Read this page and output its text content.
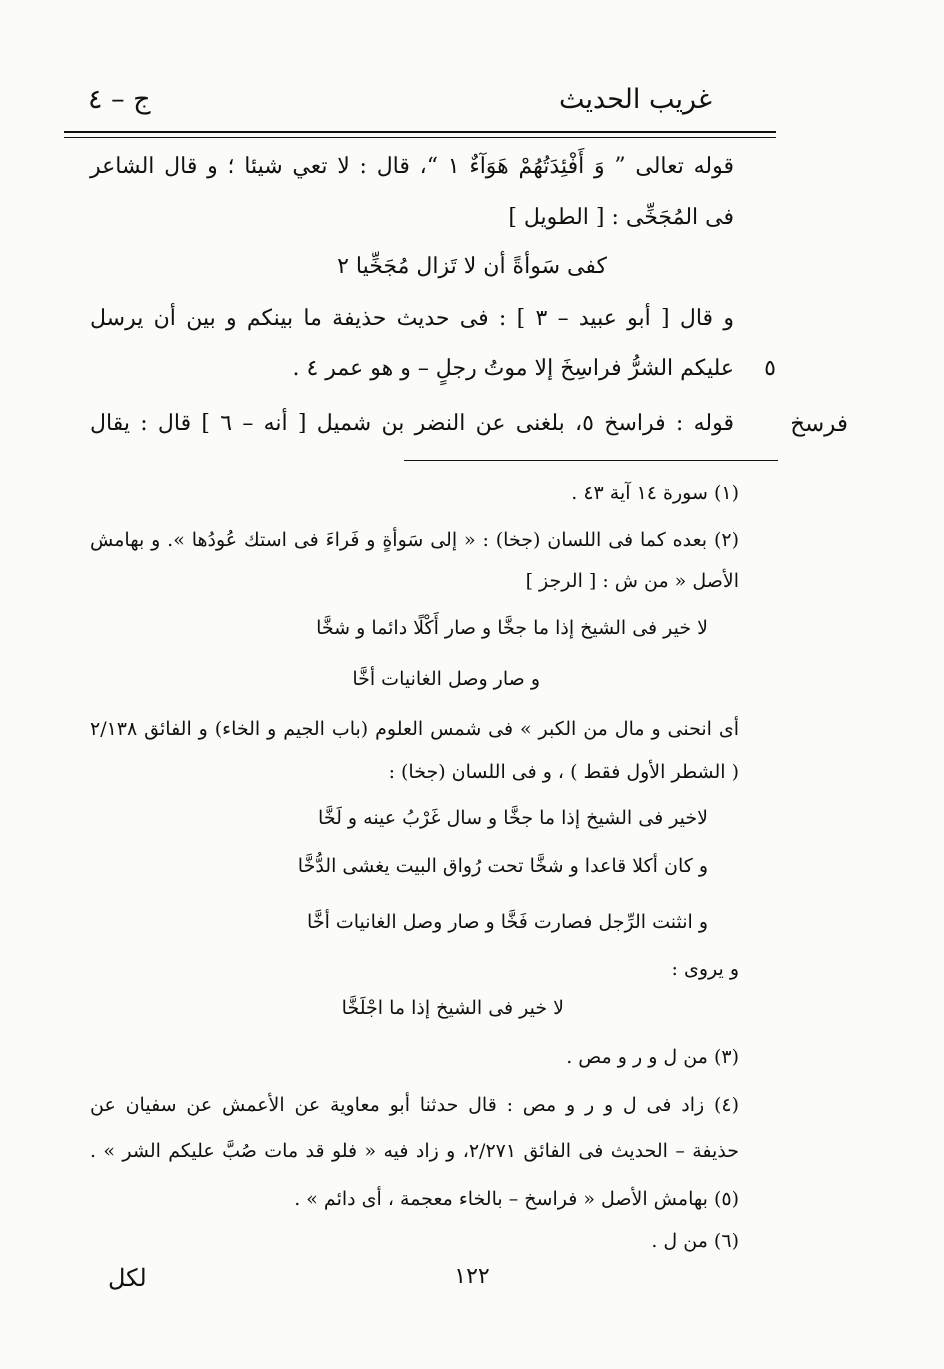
غريب الحديث
ج – ٤
قوله تعالى ” وَ أَفْئِدَتُهُمْ هَوَآءٌ ١ “، قال : لا تعي شيئا ؛ و قال الشاعر
فى المُجَخِّى : [ الطويل ]
كفى سَوأةً أن لا تَزال مُجَخِّيا ٢
و قال [ أبو عبيد – ٣ ] : فى حديث حذيفة ما بينكم و بين أن يرسل
عليكم الشرُّ فراسِخَ إلا موتُ رجلٍ – و هو عمر ٤ . ٥
قوله : فراسخ ٥، بلغنى عن النضر بن شميل [ أنه – ٦ ] قال : يقال فرسخ
(١) سورة ١٤ آية ٤٣ .
(٢) بعده كما فى اللسان (جخا) : « إلى سَوأةٍ و فَراءَ فى استك عُودُها ». و بهامش
الأصل « من ش : [ الرجز ]
لا خير فى الشيخ إذا ما جخَّا و صار أَكْلًا دائما و شخَّا
و صار وصل الغانيات أخَّا
أى انحنى و مال من الكبر » فى شمس العلوم (باب الجيم و الخاء) و الفائق ٢/١٣٨
( الشطر الأول فقط ) ، و فى اللسان (جخا) :
لاخير فى الشيخ إذا ما جخَّا و سال غَرْبُ عينه و لَخَّا
و كان أكلا قاعدا و شخَّا تحت رُواق البيت يغشى الدُّخَّا
و انثنت الرِّجل فصارت فَخَّا و صار وصل الغانيات أخَّا
و يروى :
لا خير فى الشيخ إذا ما اجْلَخَّا
(٣) من ل و ر و مص .
(٤) زاد فى ل و ر و مص : قال حدثنا أبو معاوية عن الأعمش عن سفيان عن
حذيفة – الحديث فى الفائق ٢/٢٧١، و زاد فيه « فلو قد مات صُبَّ عليكم الشر » .
(٥) بهامش الأصل « فراسخ – بالخاء معجمة ، أى دائم » .
(٦) من ل .
١٢٢
لكل
